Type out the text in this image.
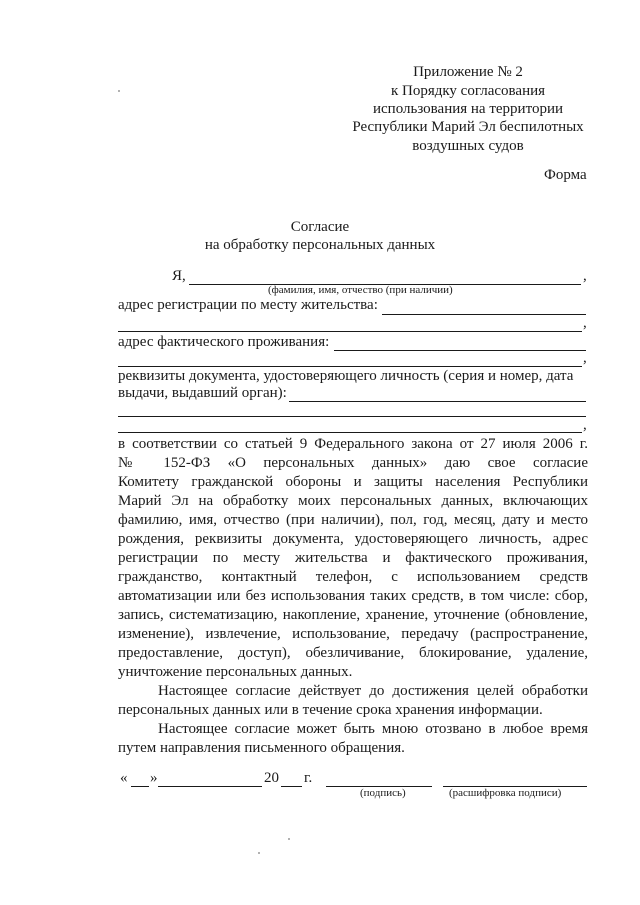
Приложение № 2
к Порядку согласования
использования на территории
Республики Марий Эл беспилотных
воздушных судов
Форма
Согласие
на обработку персональных данных
Я,	,
(фамилия, имя, отчество (при наличии)
адрес регистрации по месту жительства:
,
адрес фактического проживания:
,
реквизиты документа, удостоверяющего личность (серия и номер, дата
выдачи, выдавший орган):
,
в соответствии со статьей 9 Федерального закона от 27 июля 2006 г.
№ 152-ФЗ «О персональных данных» даю свое согласие
Комитету гражданской обороны и защиты населения Республики
Марий Эл на обработку моих персональных данных, включающих
фамилию, имя, отчество (при наличии), пол, год, месяц, дату и место
рождения, реквизиты документа, удостоверяющего личность, адрес
регистрации по месту жительства и фактического проживания,
гражданство, контактный телефон, с использованием средств
автоматизации или без использования таких средств, в том числе: сбор,
запись, систематизацию, накопление, хранение, уточнение (обновление,
изменение), извлечение, использование, передачу (распространение,
предоставление, доступ), обезличивание, блокирование, удаление,
уничтожение персональных данных.
Настоящее согласие действует до достижения целей обработки
персональных данных или в течение срока хранения информации.
Настоящее согласие может быть мною отозвано в любое время
путем направления письменного обращения.
« »	20 г.
(подпись)	(расшифровка подписи)
